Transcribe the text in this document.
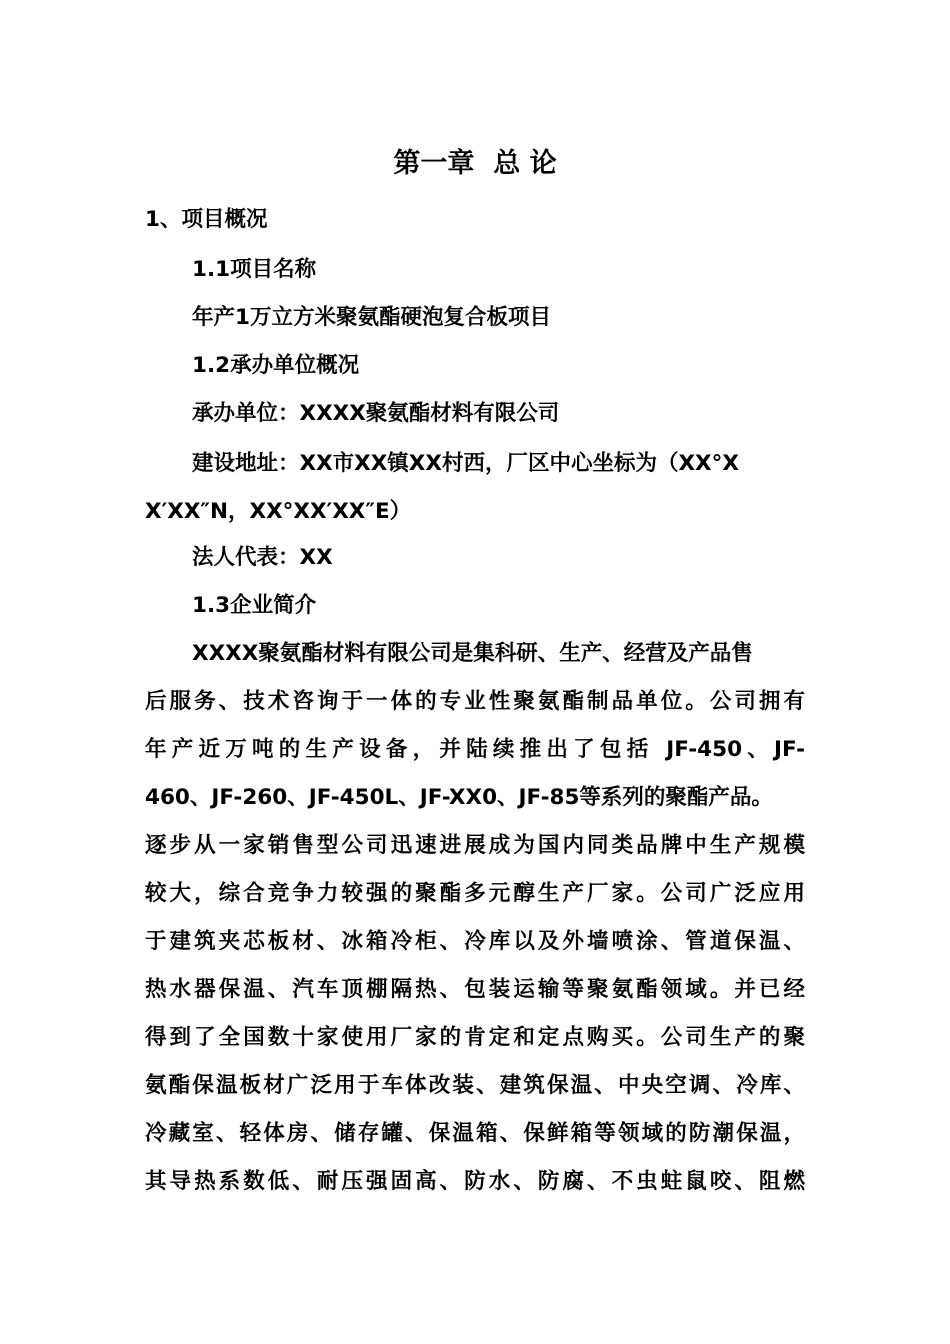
第一章  总 论
1、项目概况
1.1项目名称
年产1万立方米聚氨酯硬泡复合板项目
1.2承办单位概况
承办单位：XXXX聚氨酯材料有限公司
建设地址：XX市XX镇XX村西，厂区中心坐标为（XX°X
X′XX″N，XX°XX′XX″E）
法人代表：XX
1.3企业简介
XXXX聚氨酯材料有限公司是集科研、生产、经营及产品售
后服务、技术咨询于一体的专业性聚氨酯制品单位。公司拥有
年产近万吨的生产设备，并陆续推出了包括 JF-450、JF-
460、JF-260、JF-450L、JF-XX0、JF-85等系列的聚酯产品。
逐步从一家销售型公司迅速进展成为国内同类品牌中生产规模
较大，综合竞争力较强的聚酯多元醇生产厂家。公司广泛应用
于建筑夹芯板材、冰箱冷柜、冷库以及外墙喷涂、管道保温、
热水器保温、汽车顶棚隔热、包装运输等聚氨酯领域。并已经
得到了全国数十家使用厂家的肯定和定点购买。公司生产的聚
氨酯保温板材广泛用于车体改装、建筑保温、中央空调、冷库、
冷藏室、轻体房、储存罐、保温箱、保鲜箱等领域的防潮保温，
其导热系数低、耐压强固高、防水、防腐、不虫蛀鼠咬、阻燃
